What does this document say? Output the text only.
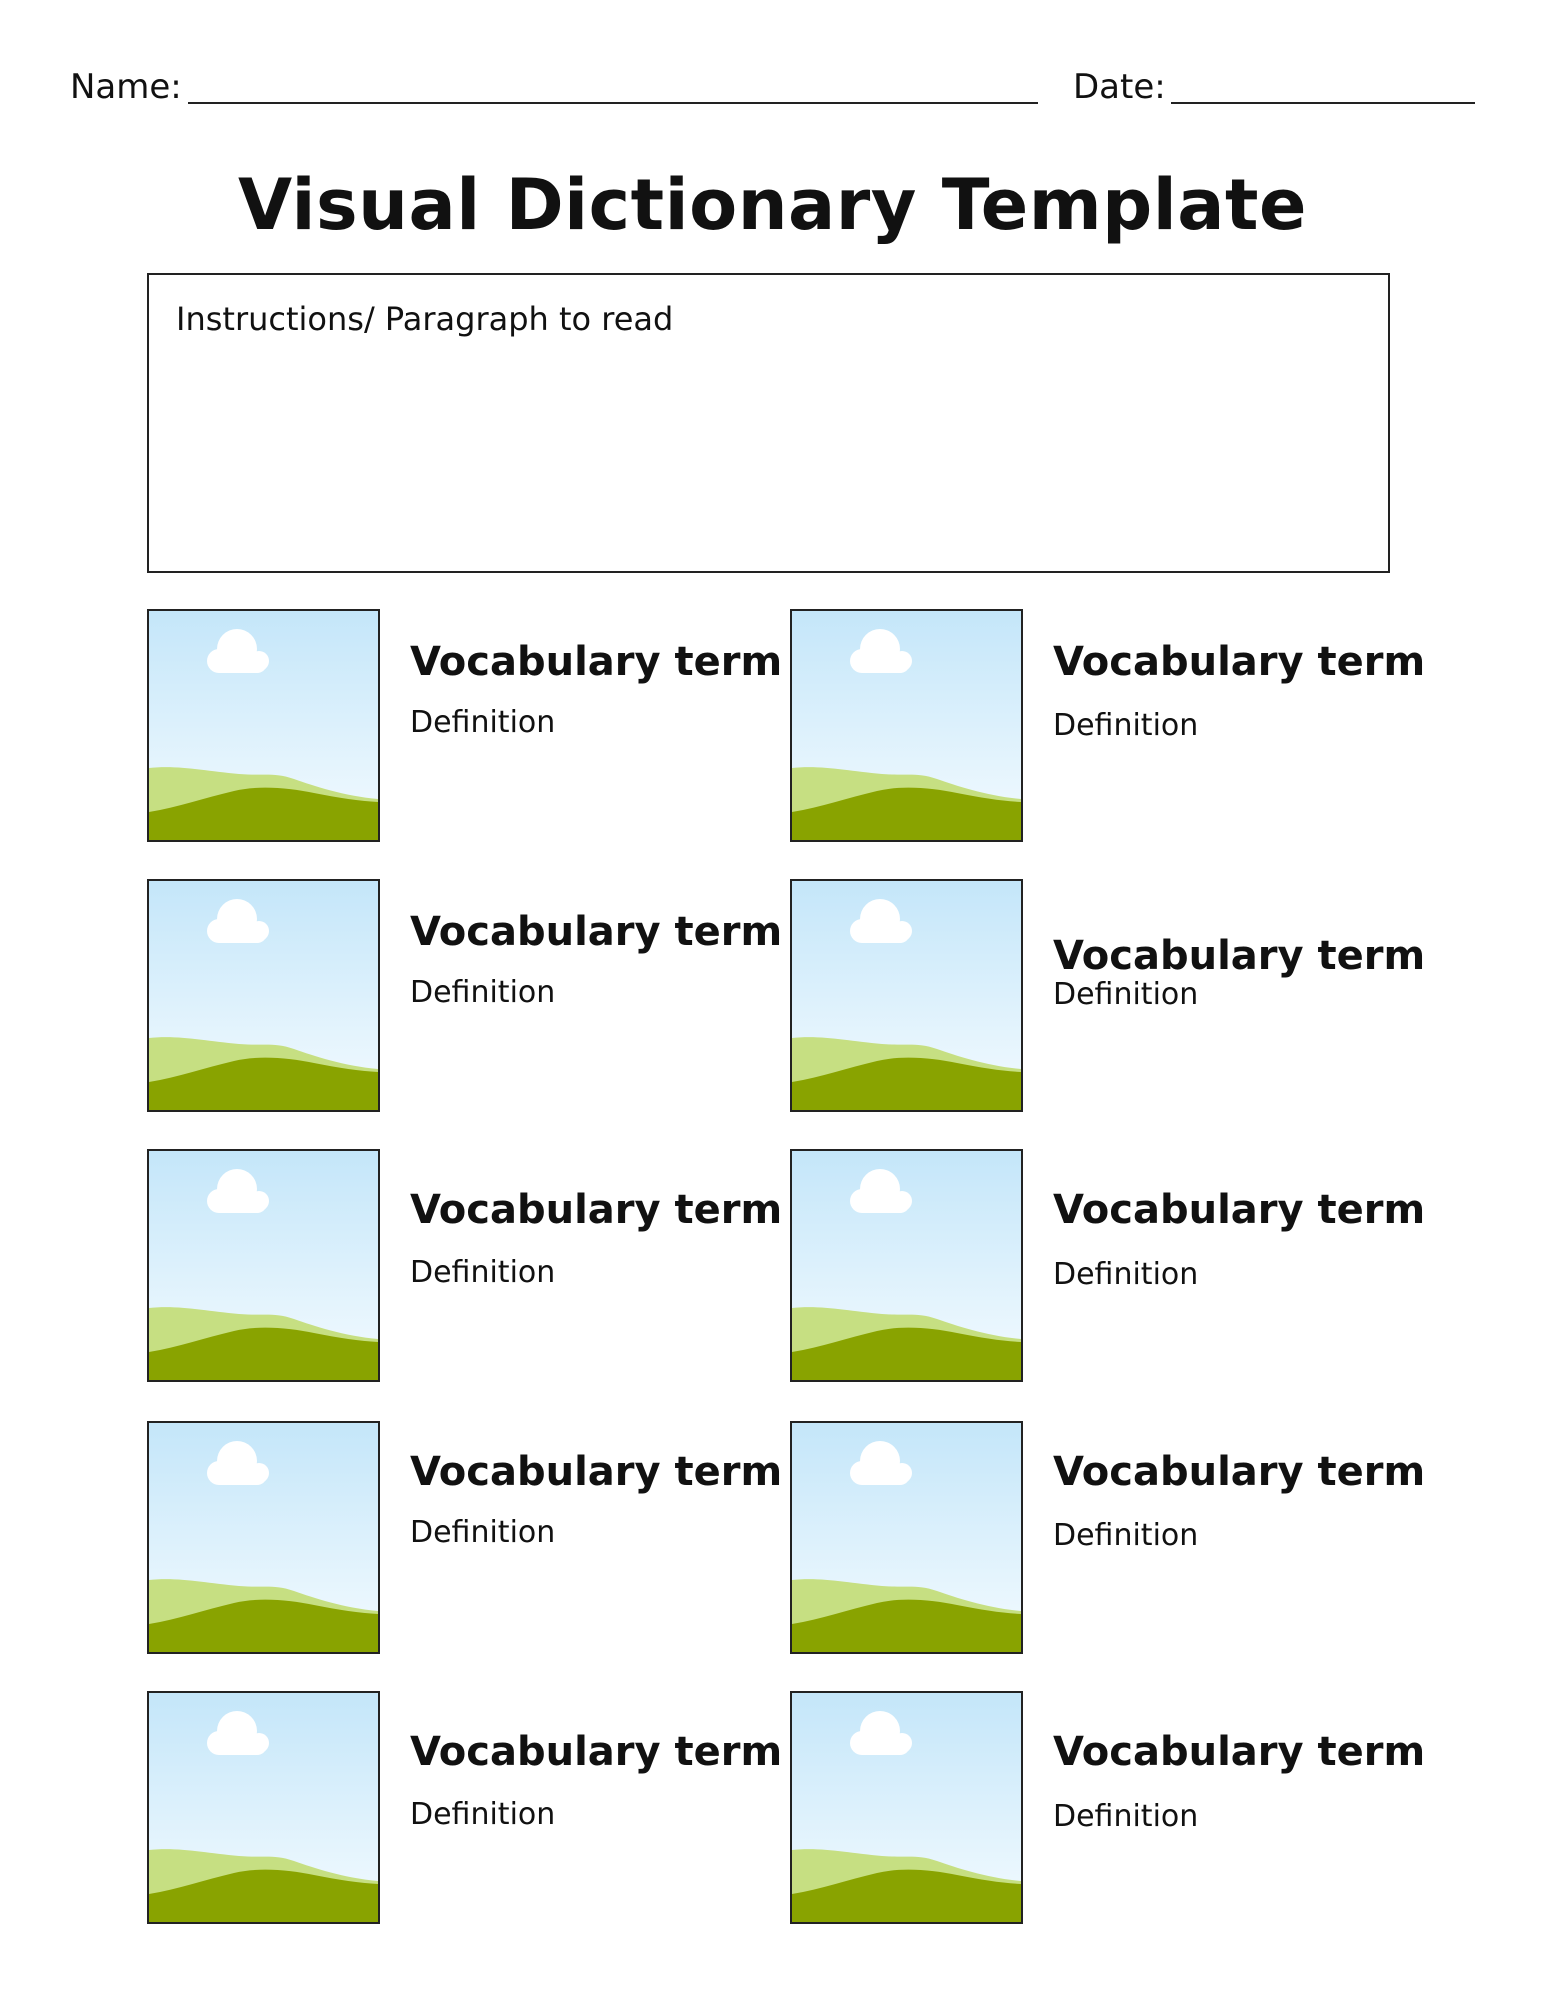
Name:	Date:
Visual Dictionary Template
Instructions/ Paragraph to read
Vocabulary term
Definition
Vocabulary term
Definition
Vocabulary term
Definition
Vocabulary term
Definition
Vocabulary term
Definition
Vocabulary term
Definition
Vocabulary term
Definition
Vocabulary term
Definition
Vocabulary term
Definition
Vocabulary term
Definition
